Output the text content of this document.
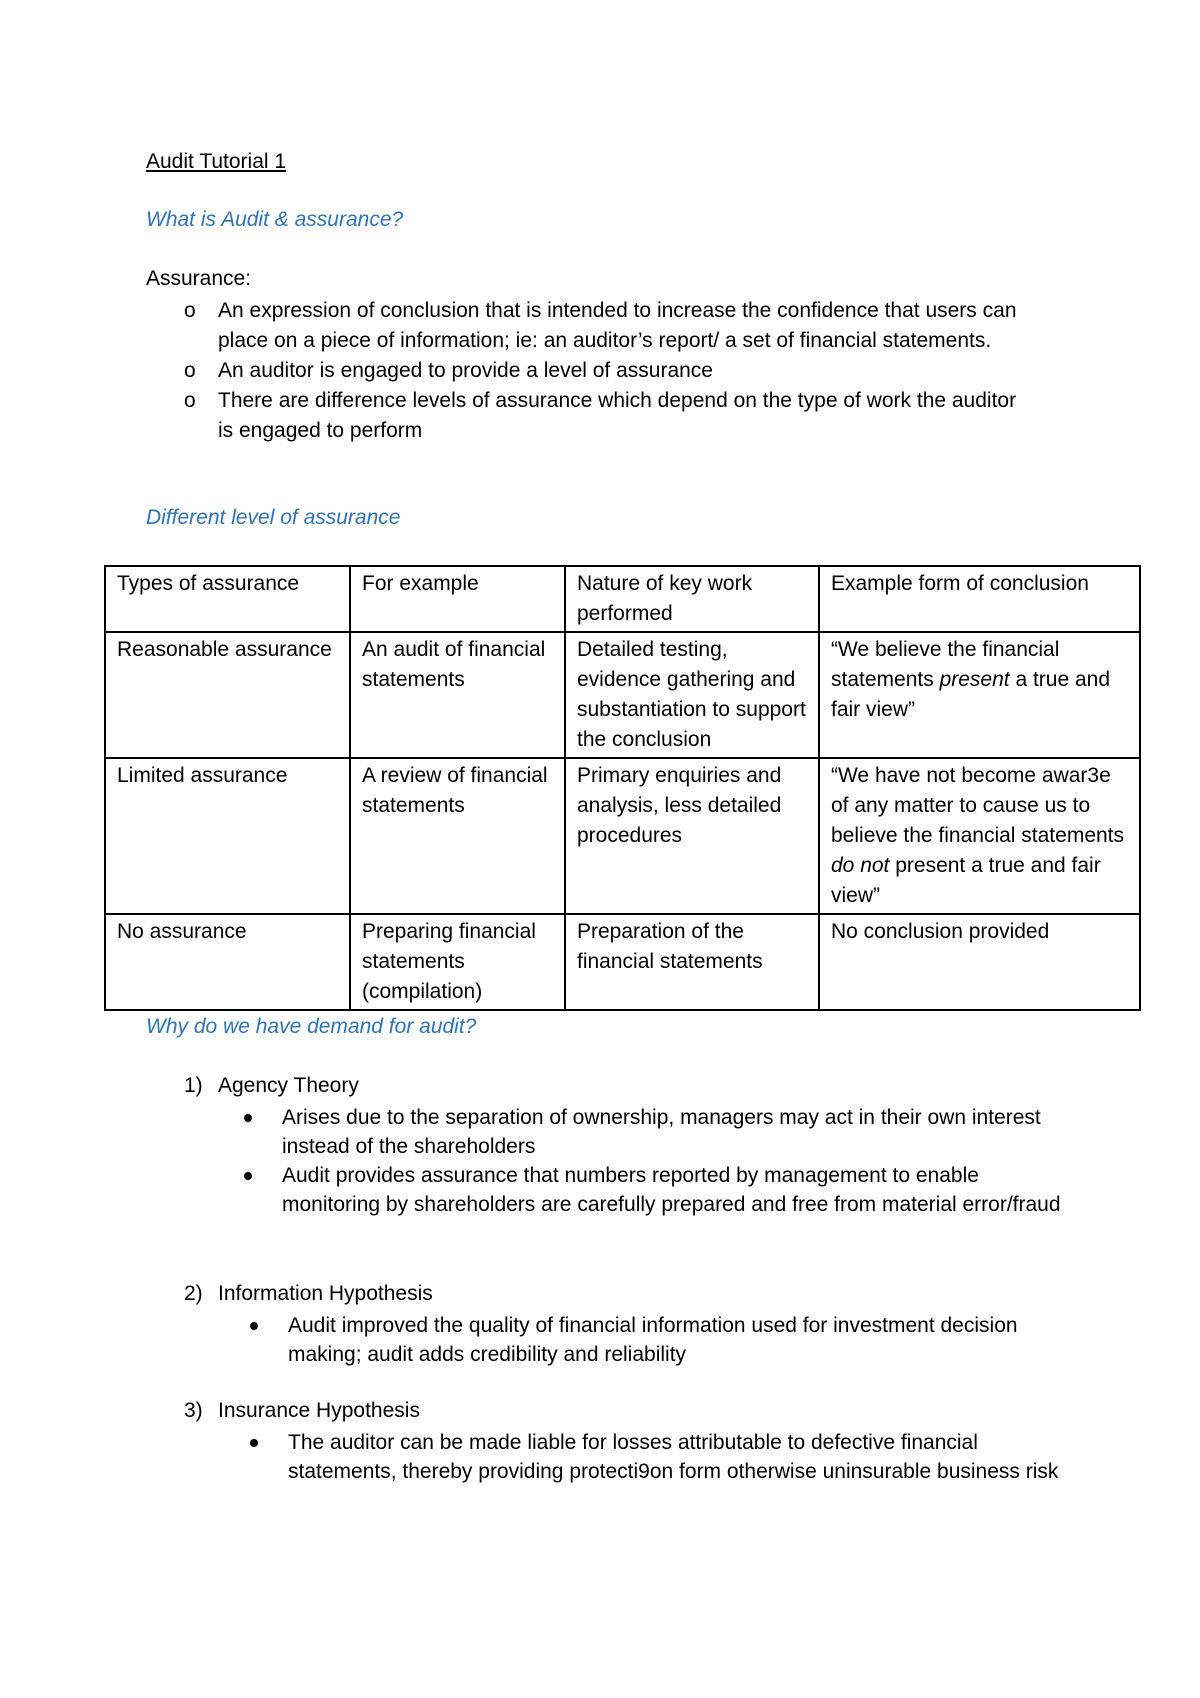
Audit Tutorial 1
What is Audit & assurance?
Assurance:
o An expression of conclusion that is intended to increase the confidence that users can place on a piece of information; ie: an auditor’s report/ a set of financial statements.
o An auditor is engaged to provide a level of assurance
o There are difference levels of assurance which depend on the type of work the auditor is engaged to perform
Different level of assurance
Types of assurance	For example	Nature of key work performed	Example form of conclusion
Reasonable assurance	An audit of financial statements	Detailed testing, evidence gathering and substantiation to support the conclusion	“We believe the financial statements present a true and fair view”
Limited assurance	A review of financial statements	Primary enquiries and analysis, less detailed procedures	“We have not become awar3e of any matter to cause us to believe the financial statements do not present a true and fair view”
No assurance	Preparing financial statements (compilation)	Preparation of the financial statements	No conclusion provided
Why do we have demand for audit?
1) Agency Theory
Arises due to the separation of ownership, managers may act in their own interest instead of the shareholders
Audit provides assurance that numbers reported by management to enable monitoring by shareholders are carefully prepared and free from material error/fraud
2) Information Hypothesis
Audit improved the quality of financial information used for investment decision making; audit adds credibility and reliability
3) Insurance Hypothesis
The auditor can be made liable for losses attributable to defective financial statements, thereby providing protecti9on form otherwise uninsurable business risk
